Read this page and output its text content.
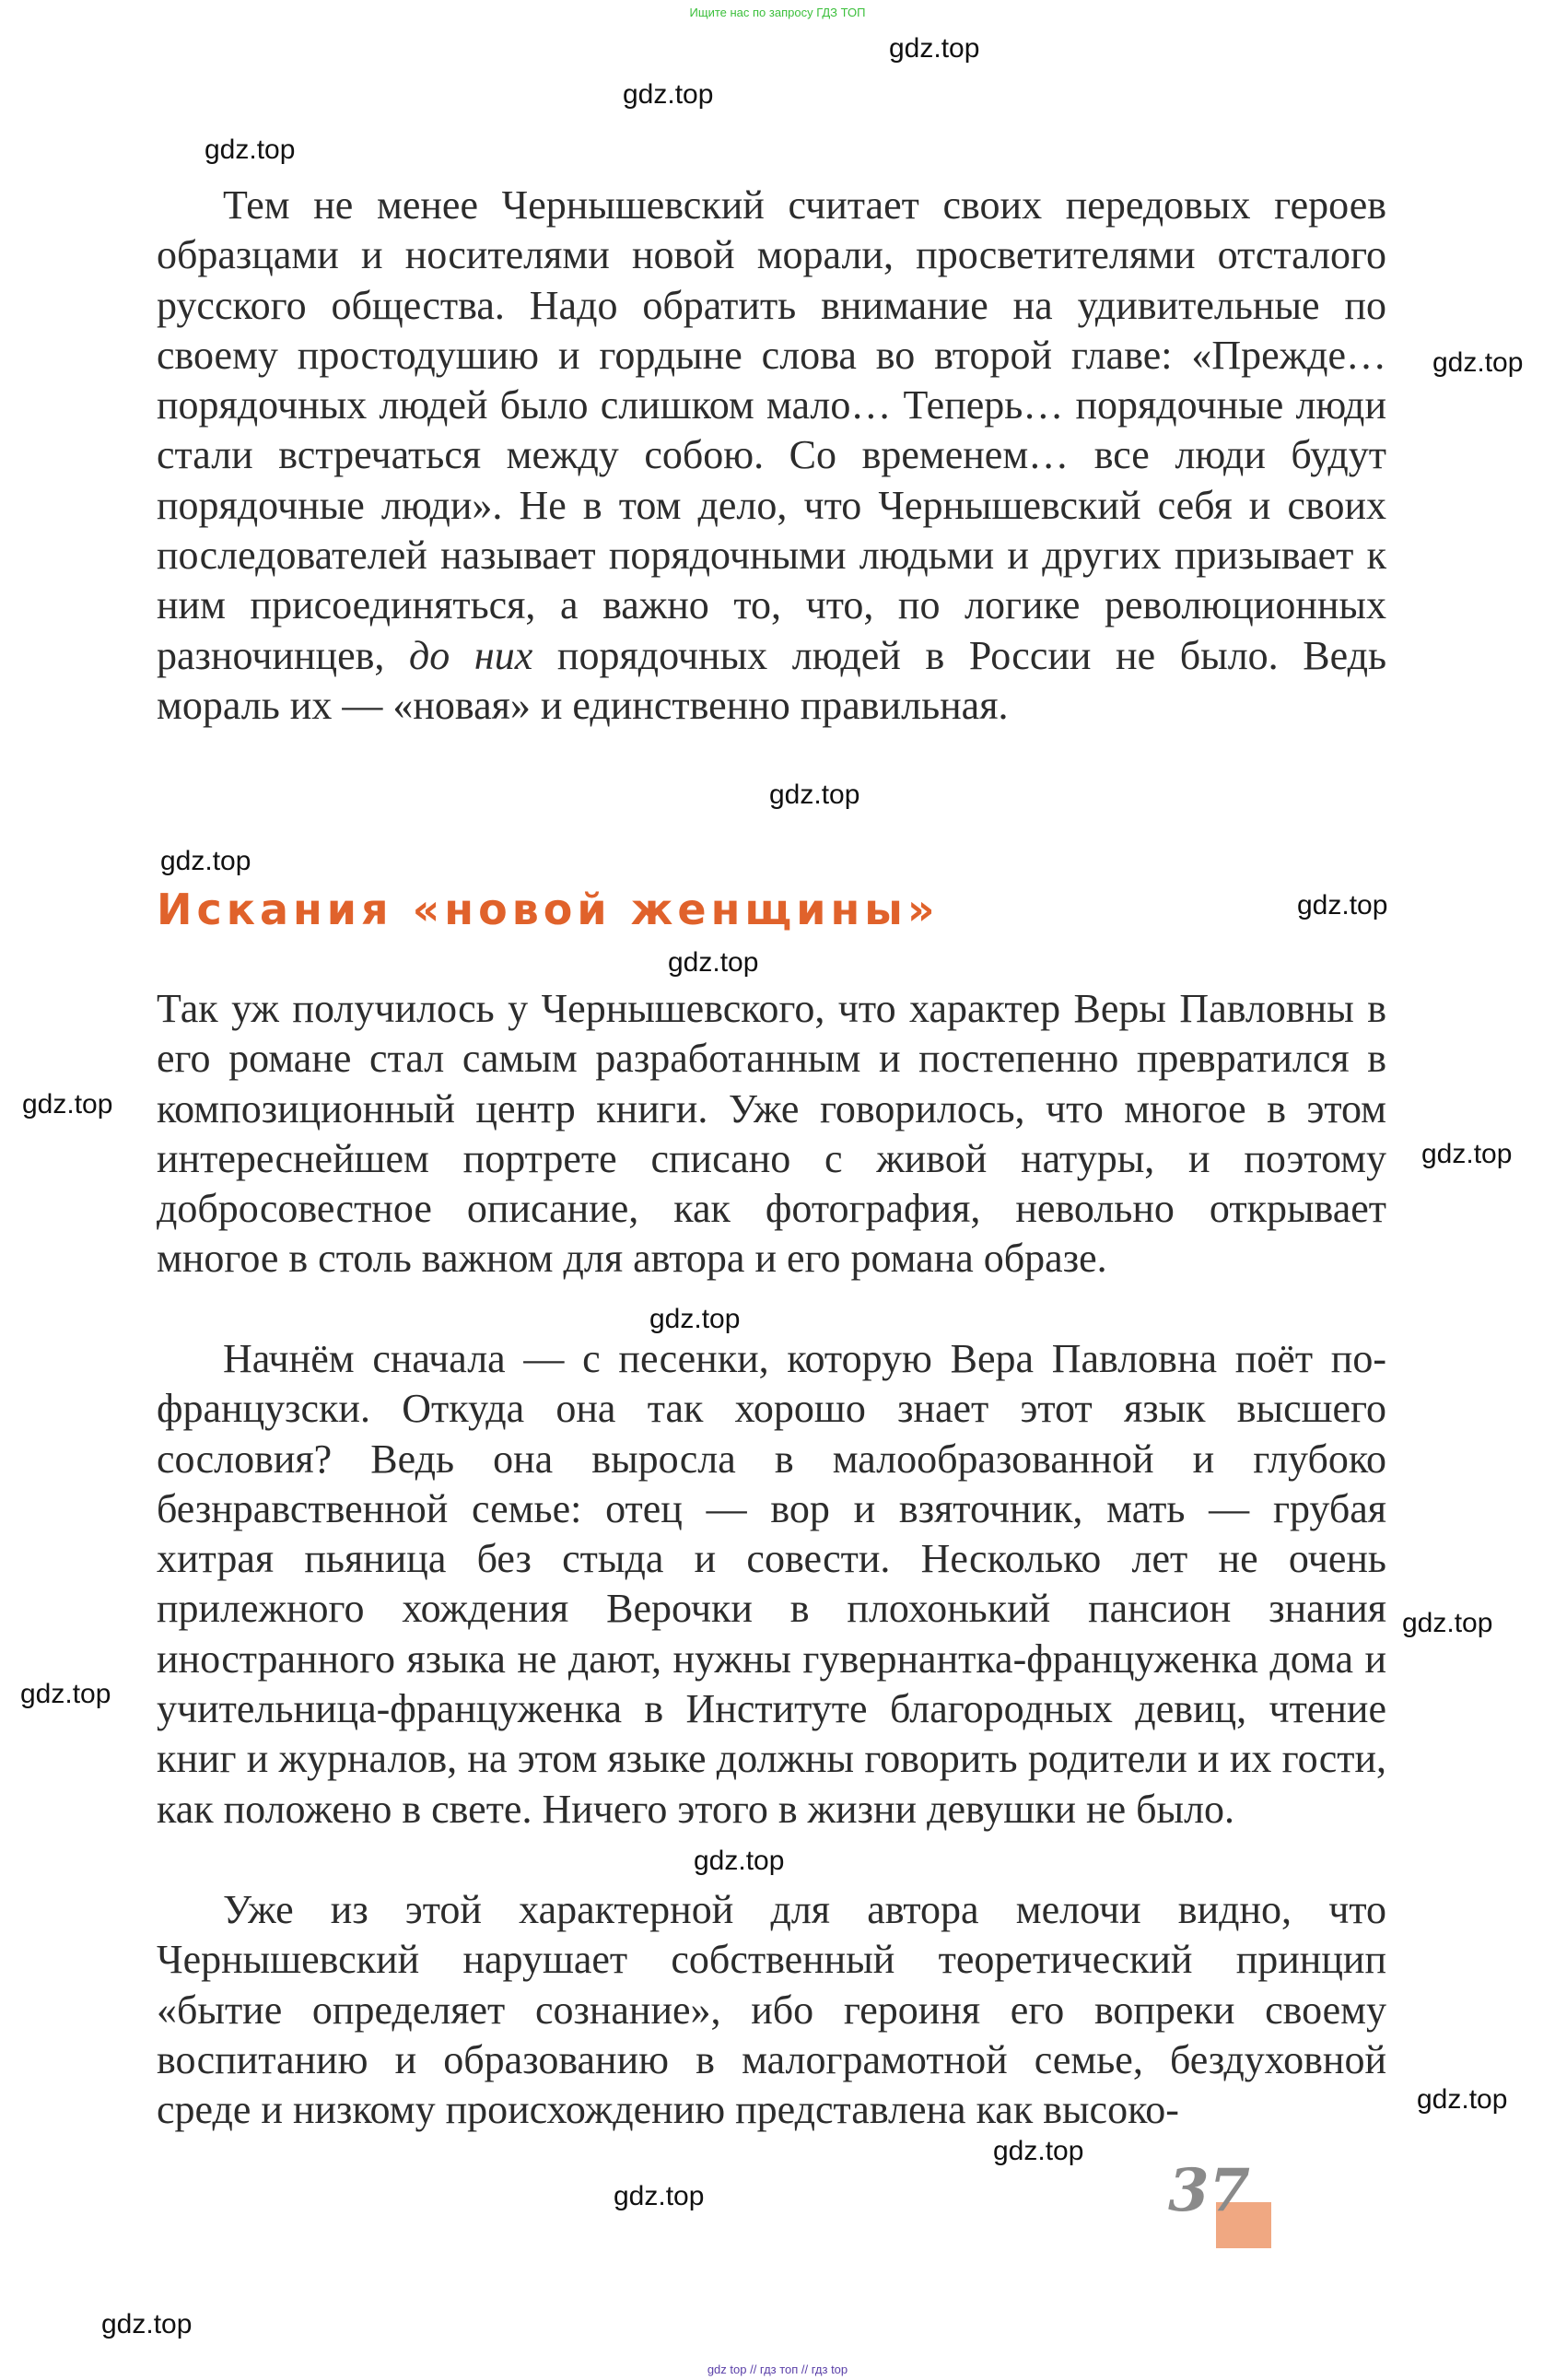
Ищите нас по запросу ГДЗ ТОП
gdz.top
gdz.top
gdz.top
gdz.top
gdz.top
gdz.top
gdz.top
gdz.top
gdz.top
gdz.top
gdz.top
gdz.top
gdz.top
gdz.top
gdz.top
gdz.top
gdz.top
gdz.top

Тем не менее Чернышевский считает своих передовых героев образцами и носителями новой морали, просветителями отсталого русского общества. Надо обратить внимание на удивительные по своему простодушию и гордыне слова во второй главе: «Прежде… порядочных людей было слишком мало… Теперь… порядочные люди стали встречаться между собою. Со временем… все люди будут порядочные люди». Не в том дело, что Чернышевский себя и своих последователей называет порядочными людьми и других призывает к ним присоединяться, а важно то, что, по логике революционных разночинцев, до них порядочных людей в России не было. Ведь мораль их — «новая» и единственно правильная.

Искания «новой женщины»

Так уж получилось у Чернышевского, что характер Веры Павловны в его романе стал самым разработанным и постепенно превратился в композиционный центр книги. Уже говорилось, что многое в этом интереснейшем портрете списано с живой натуры, и поэтому добросовестное описание, как фотография, невольно открывает многое в столь важном для автора и его романа образе.

Начнём сначала — с песенки, которую Вера Павловна поёт по-французски. Откуда она так хорошо знает этот язык высшего сословия? Ведь она выросла в малообразованной и глубоко безнравственной семье: отец — вор и взяточник, мать — грубая хитрая пьяница без стыда и совести. Несколько лет не очень прилежного хождения Верочки в плохонький пансион знания иностранного языка не дают, нужны гувернантка-француженка дома и учительница-француженка в Институте благородных девиц, чтение книг и журналов, на этом языке должны говорить родители и их гости, как положено в свете. Ничего этого в жизни девушки не было.

Уже из этой характерной для автора мелочи видно, что Чернышевский нарушает собственный теоретический принцип «бытие определяет сознание», ибо героиня его вопреки своему воспитанию и образованию в малограмотной семье, бездуховной среде и низкому происхождению представлена как высоко-

37
gdz top // гдз топ // гдз top
